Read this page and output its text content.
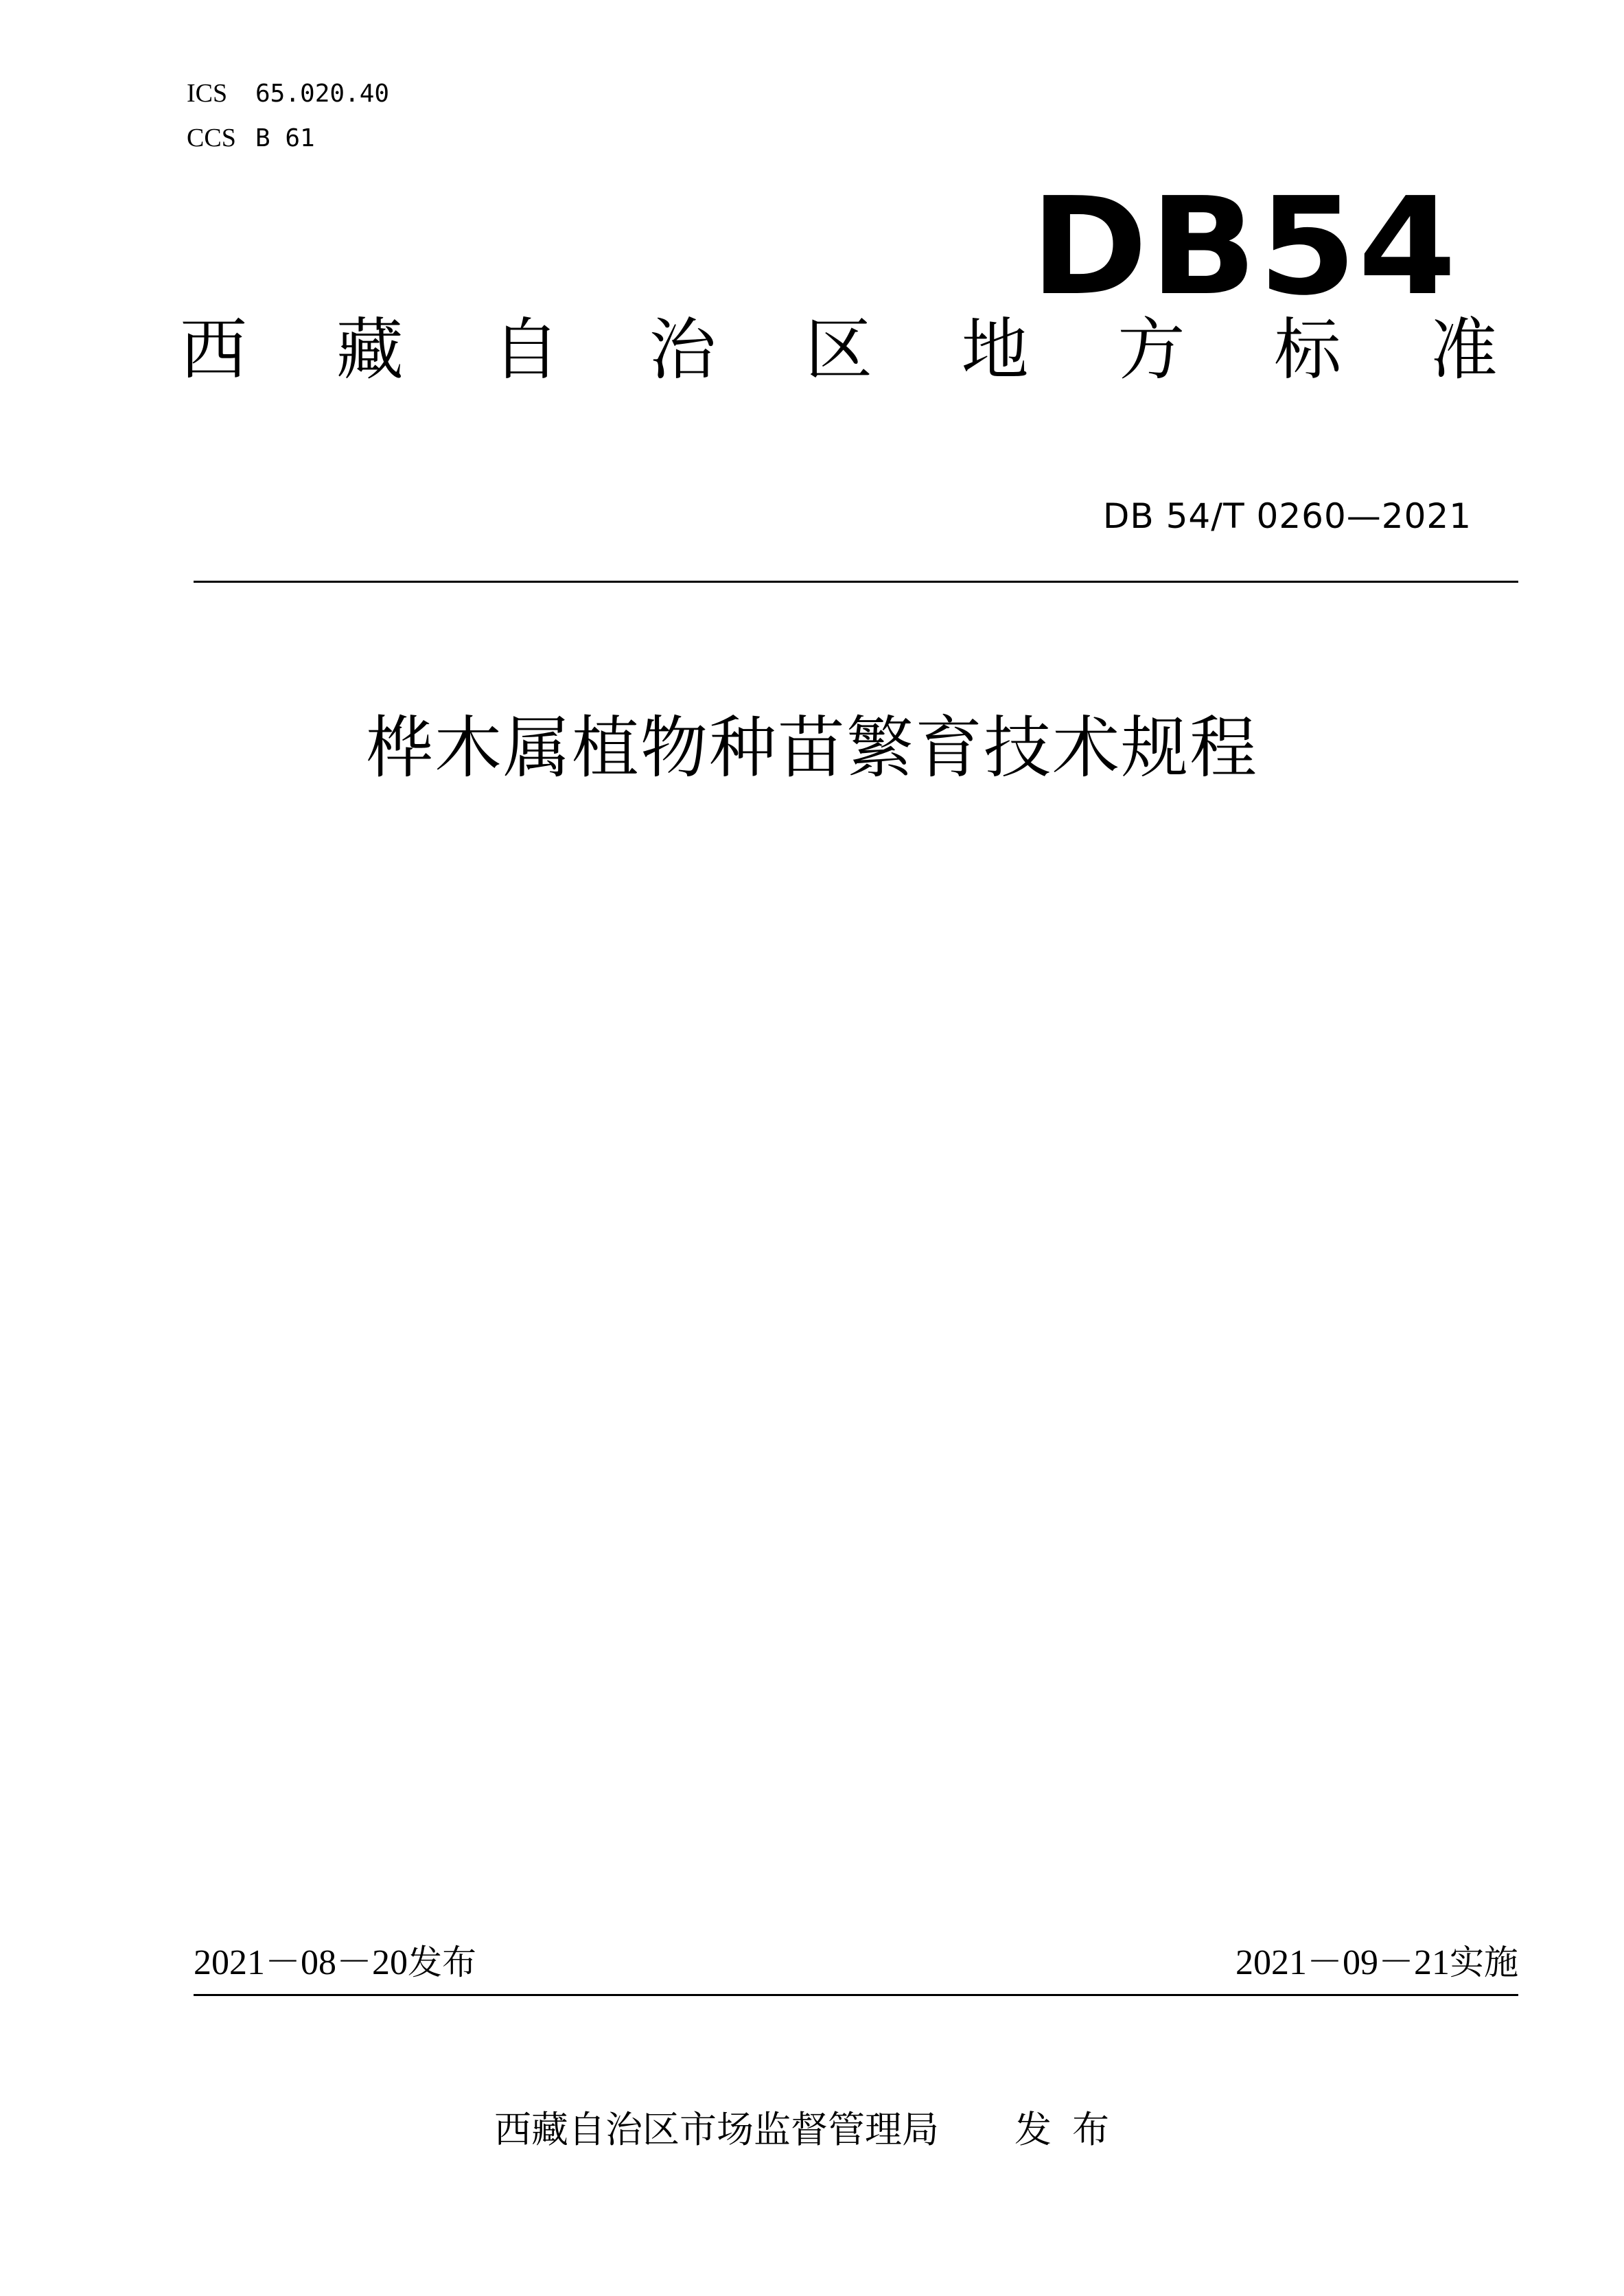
ICS 65.020.40
CCS B 61
DB54
西 藏 自 治 区 地 方 标 准
DB 54/T 0260—2021
桦木属植物种苗繁育技术规程
2021－08－20发布	2021－09－21实施
西藏自治区市场监督管理局 发布
